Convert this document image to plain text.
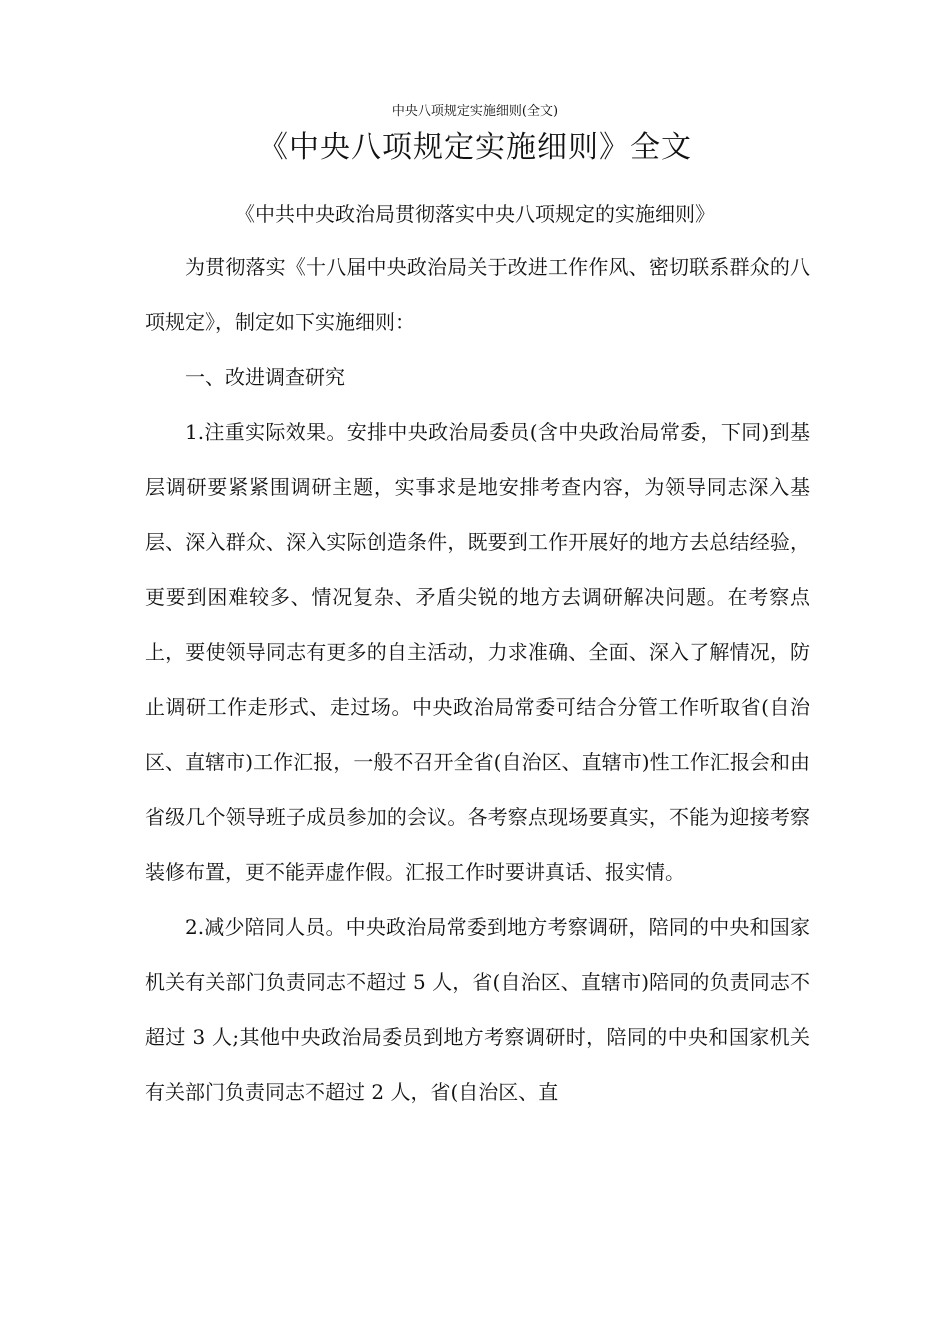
中央八项规定实施细则(全文)
《中央八项规定实施细则》全文
《中共中央政治局贯彻落实中央八项规定的实施细则》

为贯彻落实《十八届中央政治局关于改进工作作风、密切联系群众的八项规定》，制定如下实施细则：

一、改进调查研究

1.注重实际效果。安排中央政治局委员(含中央政治局常委，下同)到基层调研要紧紧围调研主题，实事求是地安排考查内容，为领导同志深入基层、深入群众、深入实际创造条件，既要到工作开展好的地方去总结经验，更要到困难较多、情况复杂、矛盾尖锐的地方去调研解决问题。在考察点上，要使领导同志有更多的自主活动，力求准确、全面、深入了解情况，防止调研工作走形式、走过场。中央政治局常委可结合分管工作听取省(自治区、直辖市)工作汇报，一般不召开全省(自治区、直辖市)性工作汇报会和由省级几个领导班子成员参加的会议。各考察点现场要真实，不能为迎接考察装修布置，更不能弄虚作假。汇报工作时要讲真话、报实情。

2.减少陪同人员。中央政治局常委到地方考察调研，陪同的中央和国家机关有关部门负责同志不超过 5 人，省(自治区、直辖市)陪同的负责同志不超过 3 人;其他中央政治局委员到地方考察调研时，陪同的中央和国家机关有关部门负责同志不超过 2 人，省(自治区、直
